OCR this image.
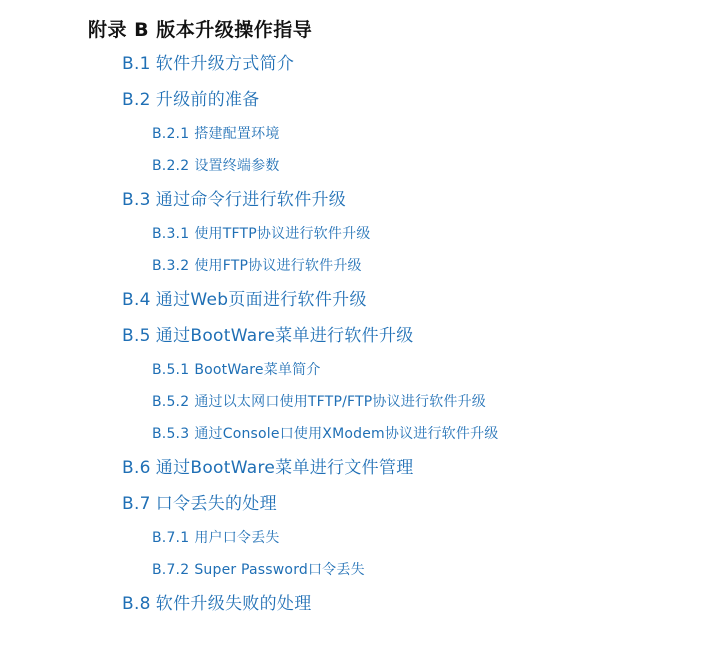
附录 B 版本升级操作指导
B.1 软件升级方式简介
B.2 升级前的准备
B.2.1 搭建配置环境
B.2.2 设置终端参数
B.3 通过命令行进行软件升级
B.3.1 使用TFTP协议进行软件升级
B.3.2 使用FTP协议进行软件升级
B.4 通过Web页面进行软件升级
B.5 通过BootWare菜单进行软件升级
B.5.1 BootWare菜单简介
B.5.2 通过以太网口使用TFTP/FTP协议进行软件升级
B.5.3 通过Console口使用XModem协议进行软件升级
B.6 通过BootWare菜单进行文件管理
B.7 口令丢失的处理
B.7.1 用户口令丢失
B.7.2 Super Password口令丢失
B.8 软件升级失败的处理
